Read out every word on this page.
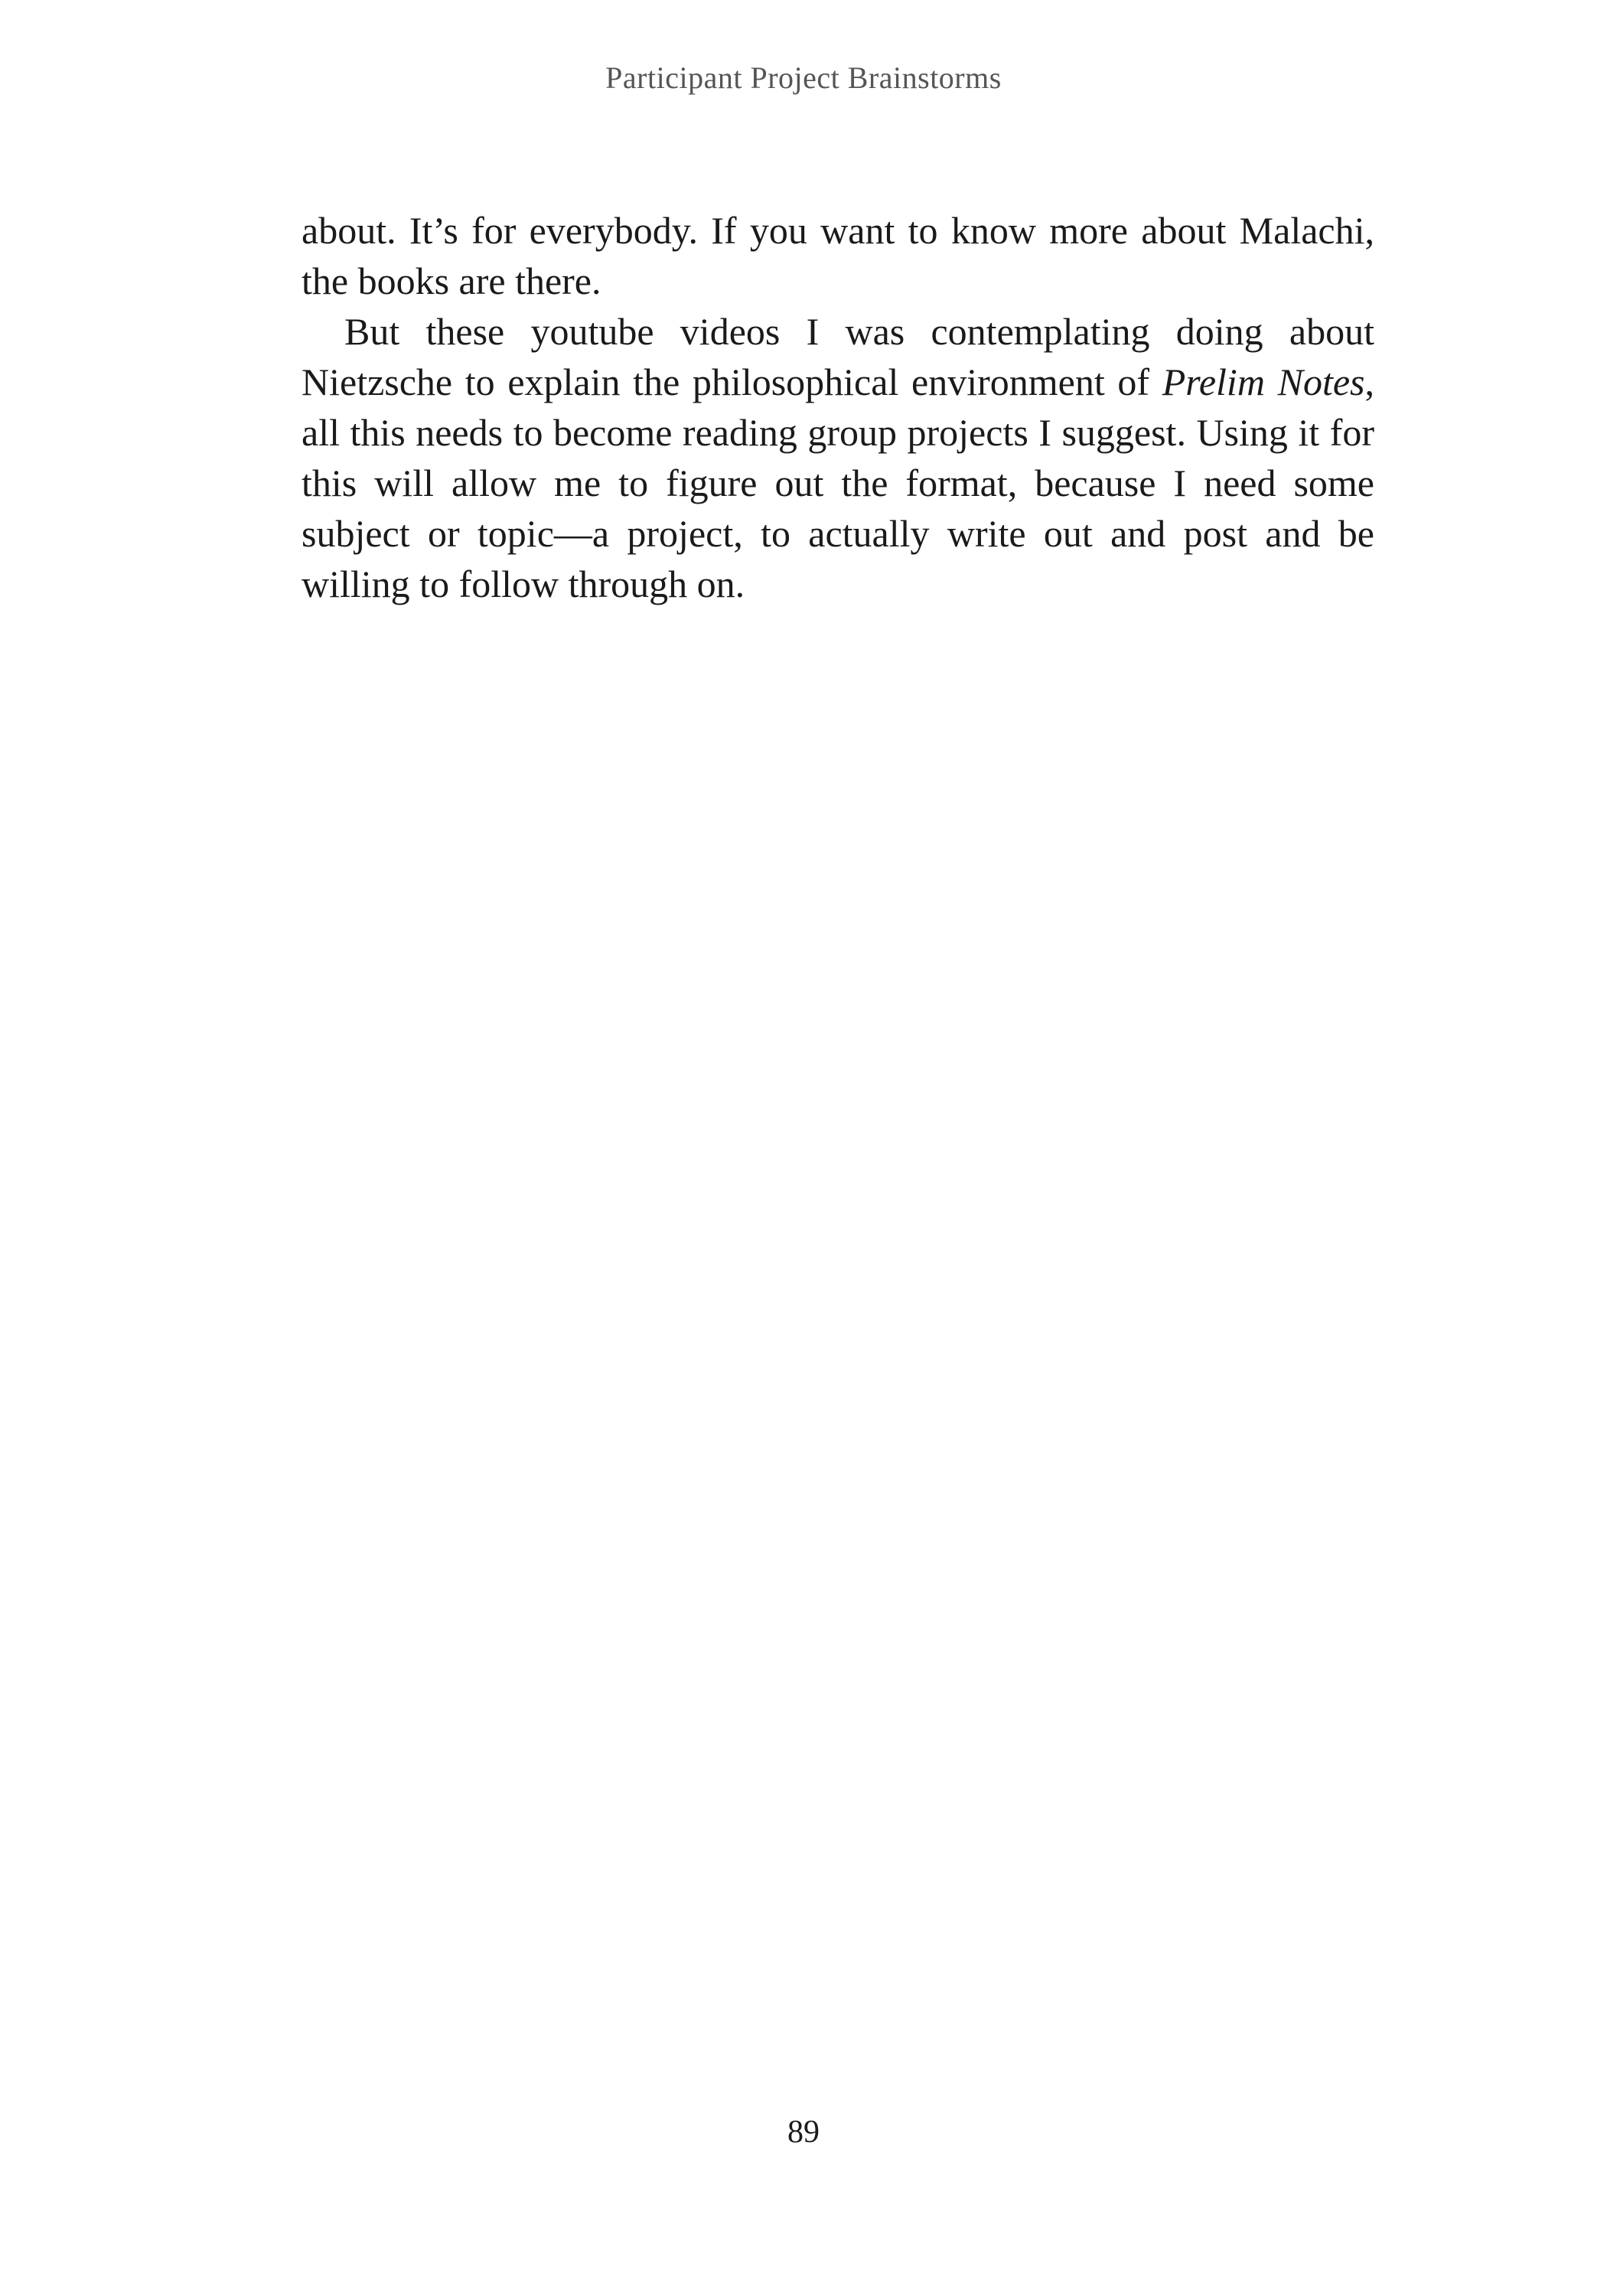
Participant Project Brainstorms

about. It’s for everybody. If you want to know more about Malachi, the books are there.

But these youtube videos I was contemplating doing about Nietzsche to explain the philosophical environment of Prelim Notes, all this needs to become reading group projects I suggest. Using it for this will allow me to figure out the format, because I need some subject or topic—a project, to actually write out and post and be willing to follow through on.

89
